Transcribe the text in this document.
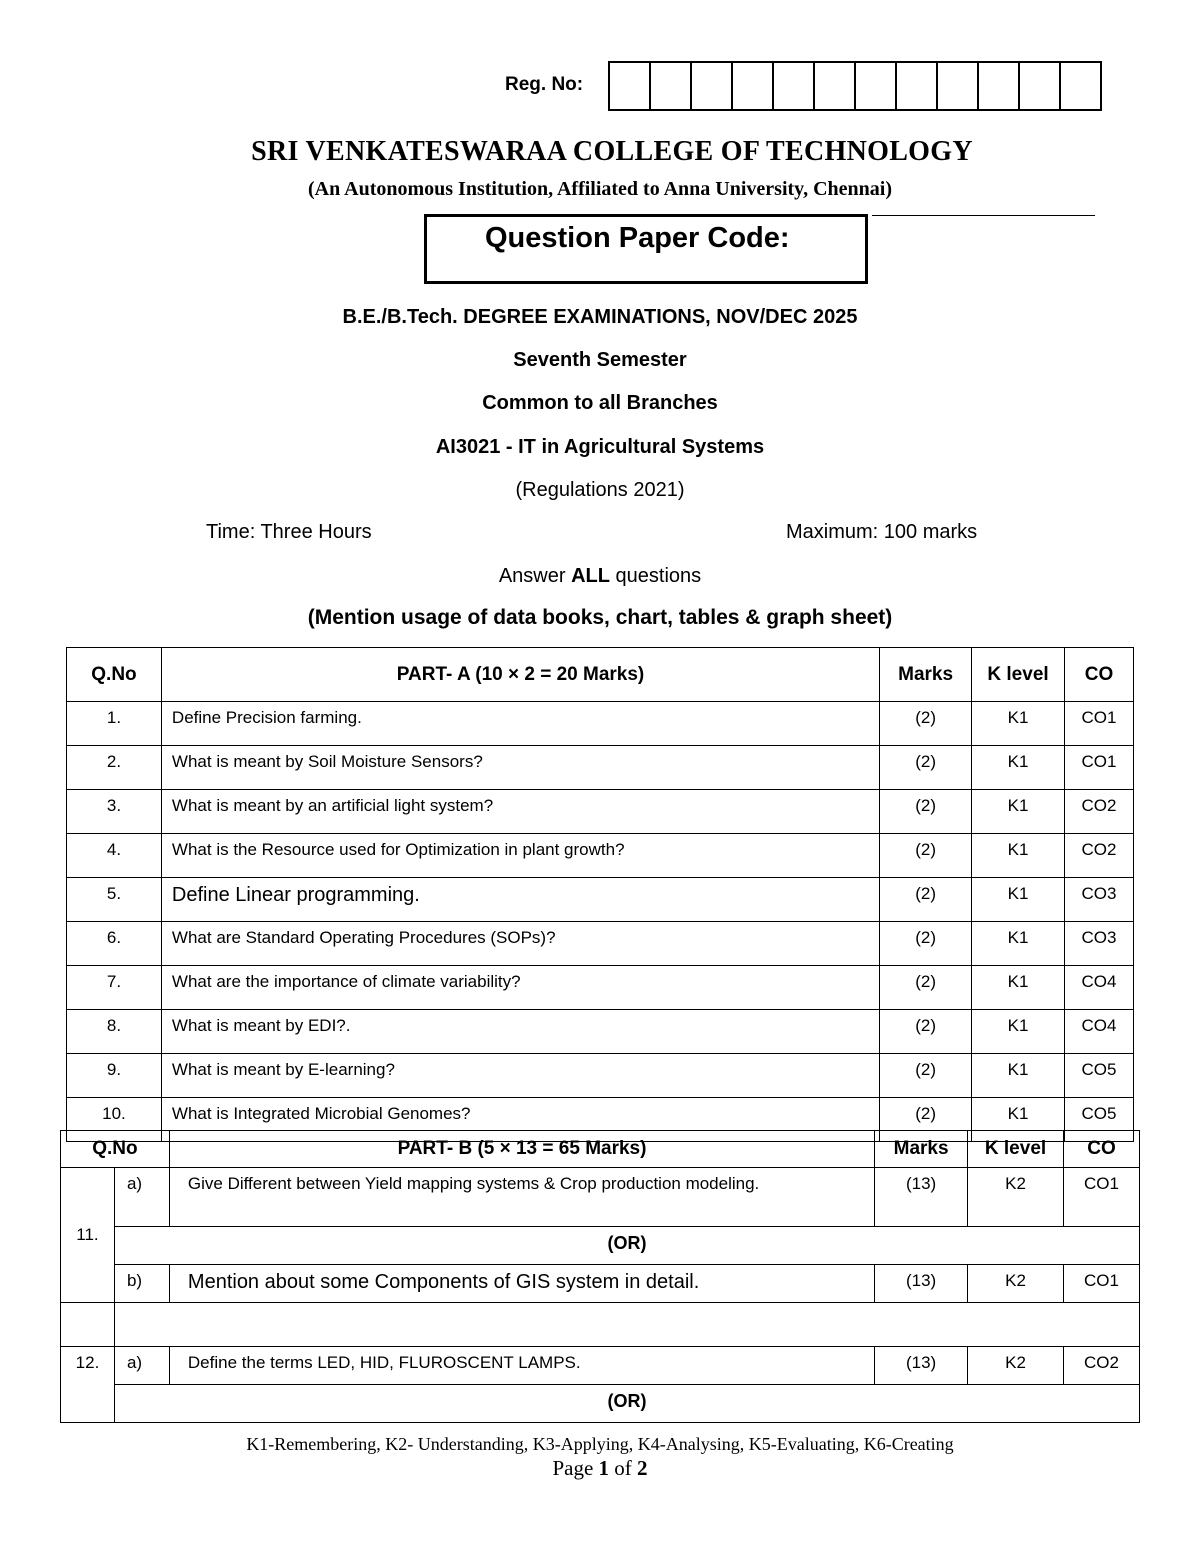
Reg. No:
SRI VENKATESWARAA COLLEGE OF TECHNOLOGY
(An Autonomous Institution, Affiliated to Anna University, Chennai)
Question Paper Code:
B.E./B.Tech. DEGREE EXAMINATIONS, NOV/DEC 2025
Seventh Semester
Common to all Branches
AI3021 - IT in Agricultural Systems
(Regulations 2021)
Time: Three Hours	Maximum: 100 marks
Answer ALL questions
(Mention usage of data books, chart, tables & graph sheet)
Q.No	PART- A (10 × 2 = 20 Marks)	Marks	K level	CO
1.	Define Precision farming.	(2)	K1	CO1
2.	What is meant by Soil Moisture Sensors?	(2)	K1	CO1
3.	What is meant by an artificial light system?	(2)	K1	CO2
4.	What is the Resource used for Optimization in plant growth?	(2)	K1	CO2
5.	Define Linear programming.	(2)	K1	CO3
6.	What are Standard Operating Procedures (SOPs)?	(2)	K1	CO3
7.	What are the importance of climate variability?	(2)	K1	CO4
8.	What is meant by EDI?.	(2)	K1	CO4
9.	What is meant by E-learning?	(2)	K1	CO5
10.	What is Integrated Microbial Genomes?	(2)	K1	CO5
Q.No		PART- B (5 × 13 = 65 Marks)	Marks	K level	CO
11.	a)	Give Different between Yield mapping systems & Crop production modeling.	(13)	K2	CO1
	(OR)				
	b)	Mention about some Components of GIS system in detail.	(13)	K2	CO1

12.	a)	Define the terms LED, HID, FLUROSCENT LAMPS.	(13)	K2	CO2
	(OR)				
K1-Remembering, K2- Understanding, K3-Applying, K4-Analysing, K5-Evaluating, K6-Creating
Page 1 of 2
